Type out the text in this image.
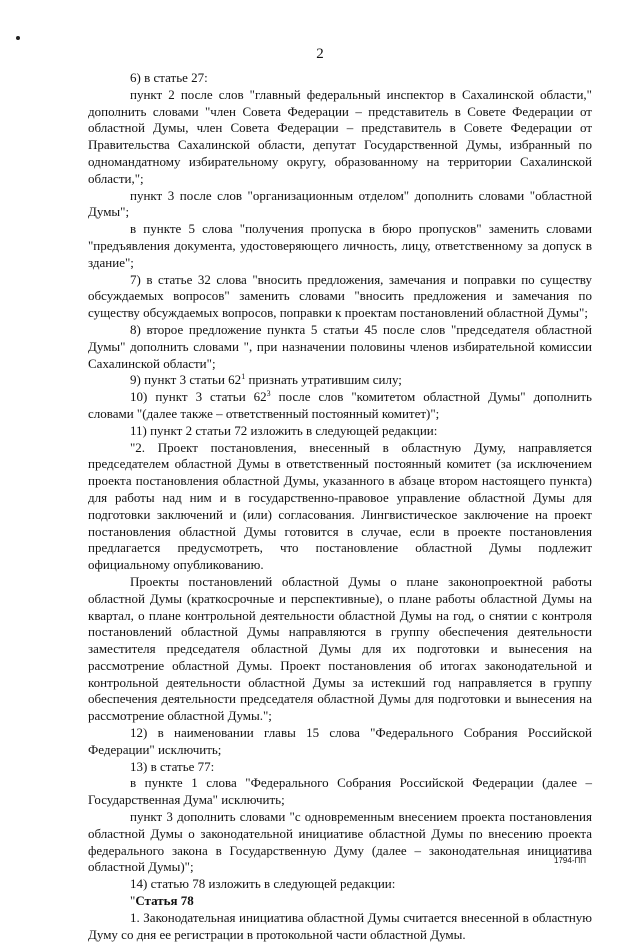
2

6) в статье 27:

пункт 2 после слов "главный федеральный инспектор в Сахалинской области," дополнить словами "член Совета Федерации – представитель в Совете Федерации от областной Думы, член Совета Федерации – представитель в Совете Федерации от Правительства Сахалинской области, депутат Государственной Думы, избранный по одномандатному избирательному округу, образованному на территории Сахалинской области,";

пункт 3 после слов "организационным отделом" дополнить словами "областной Думы";

в пункте 5 слова "получения пропуска в бюро пропусков" заменить словами "предъявления документа, удостоверяющего личность, лицу, ответственному за допуск в здание";

7) в статье 32 слова "вносить предложения, замечания и поправки по существу обсуждаемых вопросов" заменить словами "вносить предложения и замечания по существу обсуждаемых вопросов, поправки к проектам постановлений областной Думы";

8) второе предложение пункта 5 статьи 45 после слов "председателя областной Думы" дополнить словами ", при назначении половины членов избирательной комиссии Сахалинской области";

9) пункт 3 статьи $62^1$ признать утратившим силу;

10) пункт 3 статьи $62^3$ после слов "комитетом областной Думы" дополнить словами "(далее также – ответственный постоянный комитет)";

11) пункт 2 статьи 72 изложить в следующей редакции:

"2. Проект постановления, внесенный в областную Думу, направляется председателем областной Думы в ответственный постоянный комитет (за исключением проекта постановления областной Думы, указанного в абзаце втором настоящего пункта) для работы над ним и в государственно-правовое управление областной Думы для подготовки заключений и (или) согласования. Лингвистическое заключение на проект постановления областной Думы готовится в случае, если в проекте постановления предлагается предусмотреть, что постановление областной Думы подлежит официальному опубликованию.

Проекты постановлений областной Думы о плане законопроектной работы областной Думы (краткосрочные и перспективные), о плане работы областной Думы на квартал, о плане контрольной деятельности областной Думы на год, о снятии с контроля постановлений областной Думы направляются в группу обеспечения деятельности заместителя председателя областной Думы для их подготовки и вынесения на рассмотрение областной Думы. Проект постановления об итогах законодательной и контрольной деятельности областной Думы за истекший год направляется в группу обеспечения деятельности председателя областной Думы для подготовки и вынесения на рассмотрение областной Думы.";

12) в наименовании главы 15 слова "Федерального Собрания Российской Федерации" исключить;

13) в статье 77:

в пункте 1 слова "Федерального Собрания Российской Федерации (далее – Государственная Дума" исключить;

пункт 3 дополнить словами "с одновременным внесением проекта постановления областной Думы о законодательной инициативе областной Думы по внесению проекта федерального закона в Государственную Думу (далее – законодательная инициатива областной Думы)";

14) статью 78 изложить в следующей редакции:

"Статья 78

1. Законодательная инициатива областной Думы считается внесенной в областную Думу со дня ее регистрации в протокольной части областной Думы.

1794-ПП
